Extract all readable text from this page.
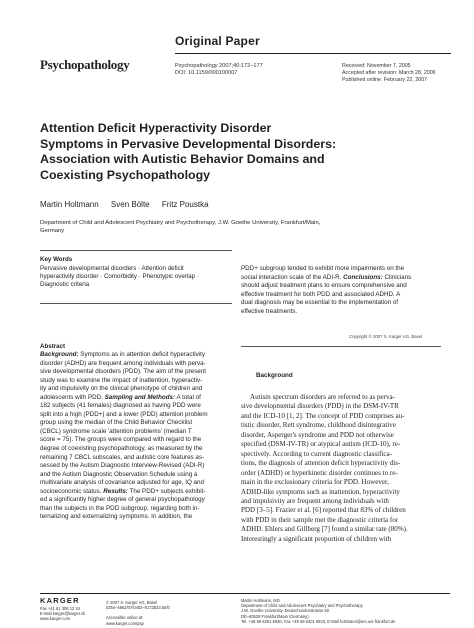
Original Paper
Psychopathology	Psychopathology 2007;40:172–177
DOI: 10.1159/000100007
Received: November 7, 2005
Accepted after revision: March 28, 2006
Published online: February 22, 2007
Attention Deficit Hyperactivity Disorder
Symptoms in Pervasive Developmental Disorders:
Association with Autistic Behavior Domains and
Coexisting Psychopathology
Martin Holtmann Sven Bölte Fritz Poustka
Department of Child and Adolescent Psychiatry and Psychotherapy, J.W. Goethe University, Frankfurt/Main,
Germany
Key Words
Pervasive developmental disorders · Attention deficit
hyperactivity disorder · Comorbidity · Phenotypic overlap ·
Diagnostic criteria
Abstract
Background: Symptoms as in attention deficit hyperactivity
disorder (ADHD) are frequent among individuals with perva-
sive developmental disorders (PDD). The aim of the present
study was to examine the impact of inattention, hyperactiv-
ity and impulsivity on the clinical phenotype of children and
adolescents with PDD. Sampling and Methods: A total of
182 subjects (41 females) diagnosed as having PDD were
split into a high (PDD+) and a lower (PDD) attention problem
group using the median of the Child Behavior Checklist
(CBCL) syndrome scale 'attention problems' (median T
score = 75). The groups were compared with regard to the
degree of coexisting psychopathology, as measured by the
remaining 7 CBCL subscales, and autistic core features as-
sessed by the Autism Diagnostic Interview-Revised (ADI-R)
and the Autism Diagnostic Observation Schedule using a
multivariate analysis of covariance adjusted for age, IQ and
socioeconomic status. Results: The PDD+ subjects exhibit-
ed a significantly higher degree of general psychopathology
than the subjects in the PDD subgroup, regarding both in-
ternalizing and externalizing symptoms. In addition, the
PDD+ subgroup tended to exhibit more impairments on the
social interaction scale of the ADI-R. Conclusions: Clinicians
should adjust treatment plans to ensure comprehensive and
effective treatment for both PDD and associated ADHD. A
dual diagnosis may be essential to the implementation of
effective treatments.
Copyright © 2007 S. Karger AG, Basel
Background
Autism spectrum disorders are referred to as perva-
sive developmental disorders (PDD) in the DSM-IV-TR
and the ICD-10 [1, 2]. The concept of PDD comprises au-
tistic disorder, Rett syndrome, childhood disintegrative
disorder, Asperger's syndrome and PDD not otherwise
specified (DSM-IV-TR) or atypical autism (ICD-10), re-
spectively. According to current diagnostic classifica-
tions, the diagnosis of attention deficit hyperactivity dis-
order (ADHD) or hyperkinetic disorder continues to re-
main in the exclusionary criteria for PDD. However,
ADHD-like symptoms such as inattention, hyperactivity
and impulsivity are frequent among individuals with
PDD [3–5]. Frazier et al. [6] reported that 83% of children
with PDD in their sample met the diagnostic criteria for
ADHD. Ehlers and Gillberg [7] found a similar rate (80%).
Interestingly a significant proportion of children with
KARGER
Fax +41 61 306 12 34
E-Mail karger@karger.ch
www.karger.com
© 2007 S. Karger AG, Basel
0254–4962/07/0403–0172$23.50/0
Accessible online at:
www.karger.com/psp
Martin Holtmann, MD
Department of Child and Adolescent Psychiatry and Psychotherapy
J.W. Goethe University, Deutschordenstrasse 50
DE–60528 Frankfurt/Main (Germany)
Tel. +49 69 6301 5920, Fax +49 69 6301 5843, E-Mail holtmann@em.uni-frankfurt.de
